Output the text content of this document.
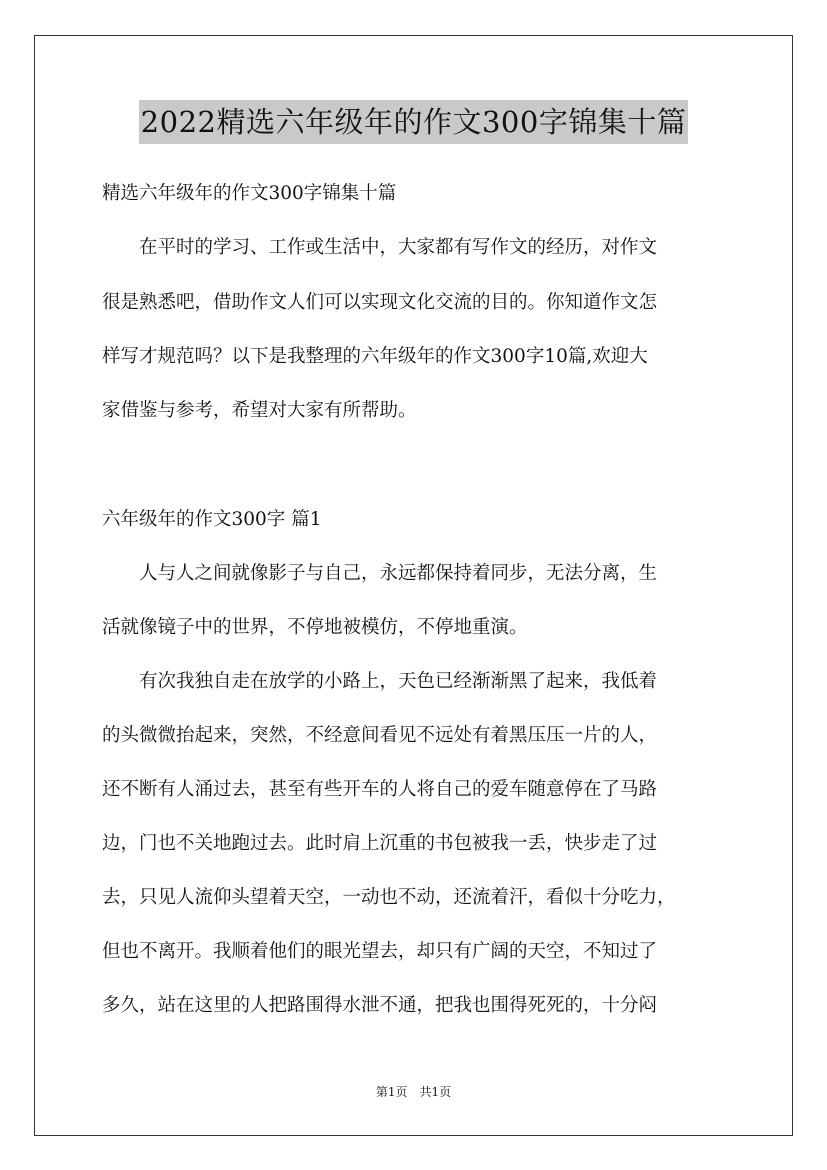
2022精选六年级年的作文300字锦集十篇
精选六年级年的作文300字锦集十篇
　　在平时的学习、工作或生活中，大家都有写作文的经历，对作文
很是熟悉吧，借助作文人们可以实现文化交流的目的。你知道作文怎
样写才规范吗？以下是我整理的六年级年的作文300字10篇,欢迎大
家借鉴与参考，希望对大家有所帮助。
六年级年的作文300字 篇1
　　人与人之间就像影子与自己，永远都保持着同步，无法分离，生
活就像镜子中的世界，不停地被模仿，不停地重演。
　　有次我独自走在放学的小路上，天色已经渐渐黑了起来，我低着
的头微微抬起来，突然，不经意间看见不远处有着黑压压一片的人，
还不断有人涌过去，甚至有些开车的人将自己的爱车随意停在了马路
边，门也不关地跑过去。此时肩上沉重的书包被我一丢，快步走了过
去，只见人流仰头望着天空，一动也不动，还流着汗，看似十分吃力，
但也不离开。我顺着他们的眼光望去，却只有广阔的天空，不知过了
多久，站在这里的人把路围得水泄不通，把我也围得死死的，十分闷
第1页　共1页
